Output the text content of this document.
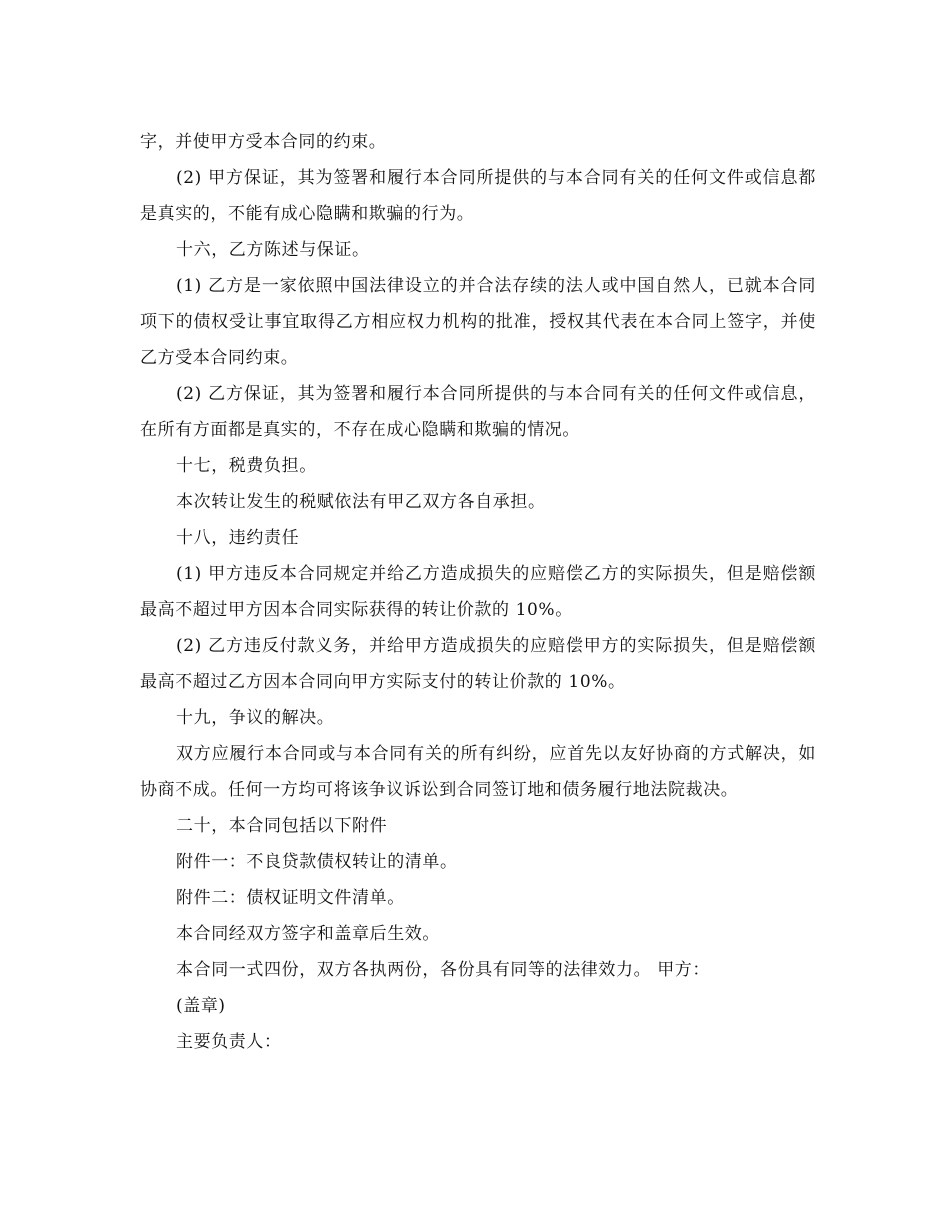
字，并使甲方受本合同的约束。

(2) 甲方保证，其为签署和履行本合同所提供的与本合同有关的任何文件或信息都是真实的，不能有成心隐瞒和欺骗的行为。

十六，乙方陈述与保证。

(1) 乙方是一家依照中国法律设立的并合法存续的法人或中国自然人，已就本合同项下的债权受让事宜取得乙方相应权力机构的批准，授权其代表在本合同上签字，并使乙方受本合同约束。

(2) 乙方保证，其为签署和履行本合同所提供的与本合同有关的任何文件或信息，在所有方面都是真实的，不存在成心隐瞒和欺骗的情况。

十七，税费负担。

本次转让发生的税赋依法有甲乙双方各自承担。

十八，违约责任

(1) 甲方违反本合同规定并给乙方造成损失的应赔偿乙方的实际损失，但是赔偿额最高不超过甲方因本合同实际获得的转让价款的 10%。

(2) 乙方违反付款义务，并给甲方造成损失的应赔偿甲方的实际损失，但是赔偿额最高不超过乙方因本合同向甲方实际支付的转让价款的 10%。

十九，争议的解决。

双方应履行本合同或与本合同有关的所有纠纷，应首先以友好协商的方式解决，如协商不成。任何一方均可将该争议诉讼到合同签订地和债务履行地法院裁决。

二十，本合同包括以下附件

附件一：不良贷款债权转让的清单。

附件二：债权证明文件清单。

本合同经双方签字和盖章后生效。

本合同一式四份，双方各执两份，各份具有同等的法律效力。 甲方：

(盖章)

主要负责人：
